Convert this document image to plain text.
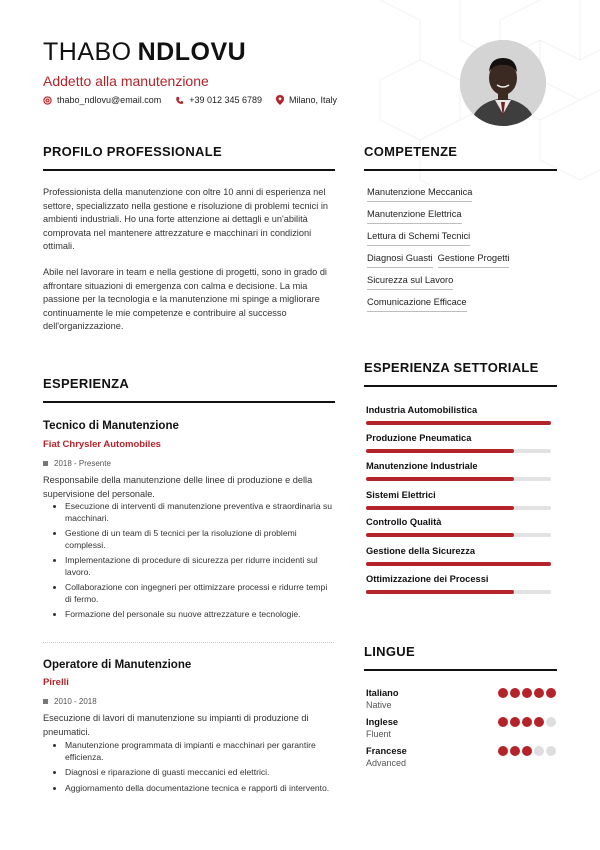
THABO NDLOVU
Addetto alla manutenzione
thabo_ndlovu@email.com	+39 012 345 6789	Milano, Italy
PROFILO PROFESSIONALE
Professionista della manutenzione con oltre 10 anni di esperienza nel settore, specializzato nella gestione e risoluzione di problemi tecnici in ambienti industriali. Ho una forte attenzione ai dettagli e un'abilità comprovata nel mantenere attrezzature e macchinari in condizioni ottimali.
Abile nel lavorare in team e nella gestione di progetti, sono in grado di affrontare situazioni di emergenza con calma e decisione. La mia passione per la tecnologia e la manutenzione mi spinge a migliorare continuamente le mie competenze e contribuire al successo dell'organizzazione.
COMPETENZE
Manutenzione Meccanica
Manutenzione Elettrica
Lettura di Schemi Tecnici
Diagnosi Guasti Gestione Progetti
Sicurezza sul Lavoro
Comunicazione Efficace
ESPERIENZA SETTORIALE
Industria Automobilistica
Produzione Pneumatica
Manutenzione Industriale
Sistemi Elettrici
Controllo Qualità
Gestione della Sicurezza
Ottimizzazione dei Processi
LINGUE
Italiano
Native
Inglese
Fluent
Francese
Advanced
ESPERIENZA
Tecnico di Manutenzione
Fiat Chrysler Automobiles
2018 - Presente
Responsabile della manutenzione delle linee di produzione e della supervisione del personale.
Esecuzione di interventi di manutenzione preventiva e straordinaria su macchinari.
Gestione di un team di 5 tecnici per la risoluzione di problemi complessi.
Implementazione di procedure di sicurezza per ridurre incidenti sul lavoro.
Collaborazione con ingegneri per ottimizzare processi e ridurre tempi di fermo.
Formazione del personale su nuove attrezzature e tecnologie.
Operatore di Manutenzione
Pirelli
2010 - 2018
Esecuzione di lavori di manutenzione su impianti di produzione di pneumatici.
Manutenzione programmata di impianti e macchinari per garantire efficienza.
Diagnosi e riparazione di guasti meccanici ed elettrici.
Aggiornamento della documentazione tecnica e rapporti di intervento.
